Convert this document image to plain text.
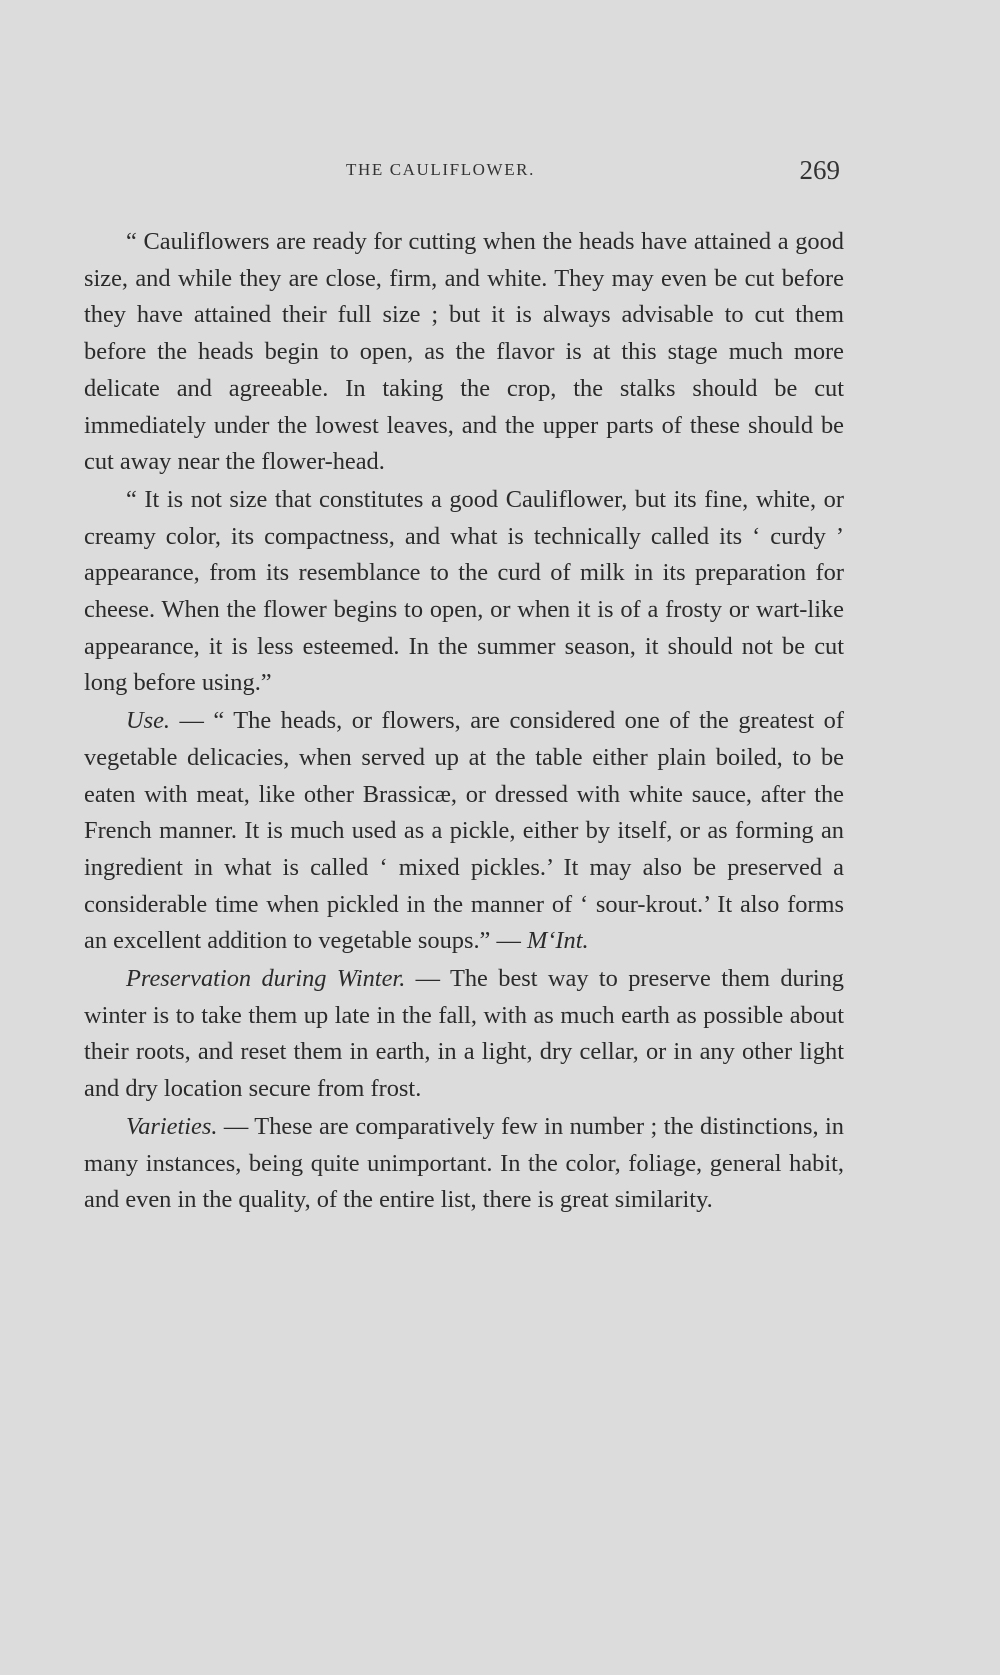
THE CAULIFLOWER.	269

“ Cauliflowers are ready for cutting when the heads have attained a good size, and while they are close, firm, and white. They may even be cut before they have attained their full size ; but it is always advisable to cut them before the heads begin to open, as the flavor is at this stage much more delicate and agreeable. In taking the crop, the stalks should be cut immediately under the lowest leaves, and the upper parts of these should be cut away near the flower-head.

“ It is not size that constitutes a good Cauliflower, but its fine, white, or creamy color, its compactness, and what is technically called its ‘ curdy ’ appearance, from its resemblance to the curd of milk in its preparation for cheese. When the flower begins to open, or when it is of a frosty or wart-like appearance, it is less esteemed. In the summer season, it should not be cut long before using.”

Use. — “ The heads, or flowers, are considered one of the greatest of vegetable delicacies, when served up at the table either plain boiled, to be eaten with meat, like other Brassicæ, or dressed with white sauce, after the French manner. It is much used as a pickle, either by itself, or as forming an ingredient in what is called ‘ mixed pickles.’ It may also be preserved a considerable time when pickled in the manner of ‘ sour-krout.’ It also forms an excellent addition to vegetable soups.” — M‘Int.

Preservation during Winter. — The best way to preserve them during winter is to take them up late in the fall, with as much earth as possible about their roots, and reset them in earth, in a light, dry cellar, or in any other light and dry location secure from frost.

Varieties. — These are comparatively few in number ; the distinctions, in many instances, being quite unimportant. In the color, foliage, general habit, and even in the quality, of the entire list, there is great similarity.
